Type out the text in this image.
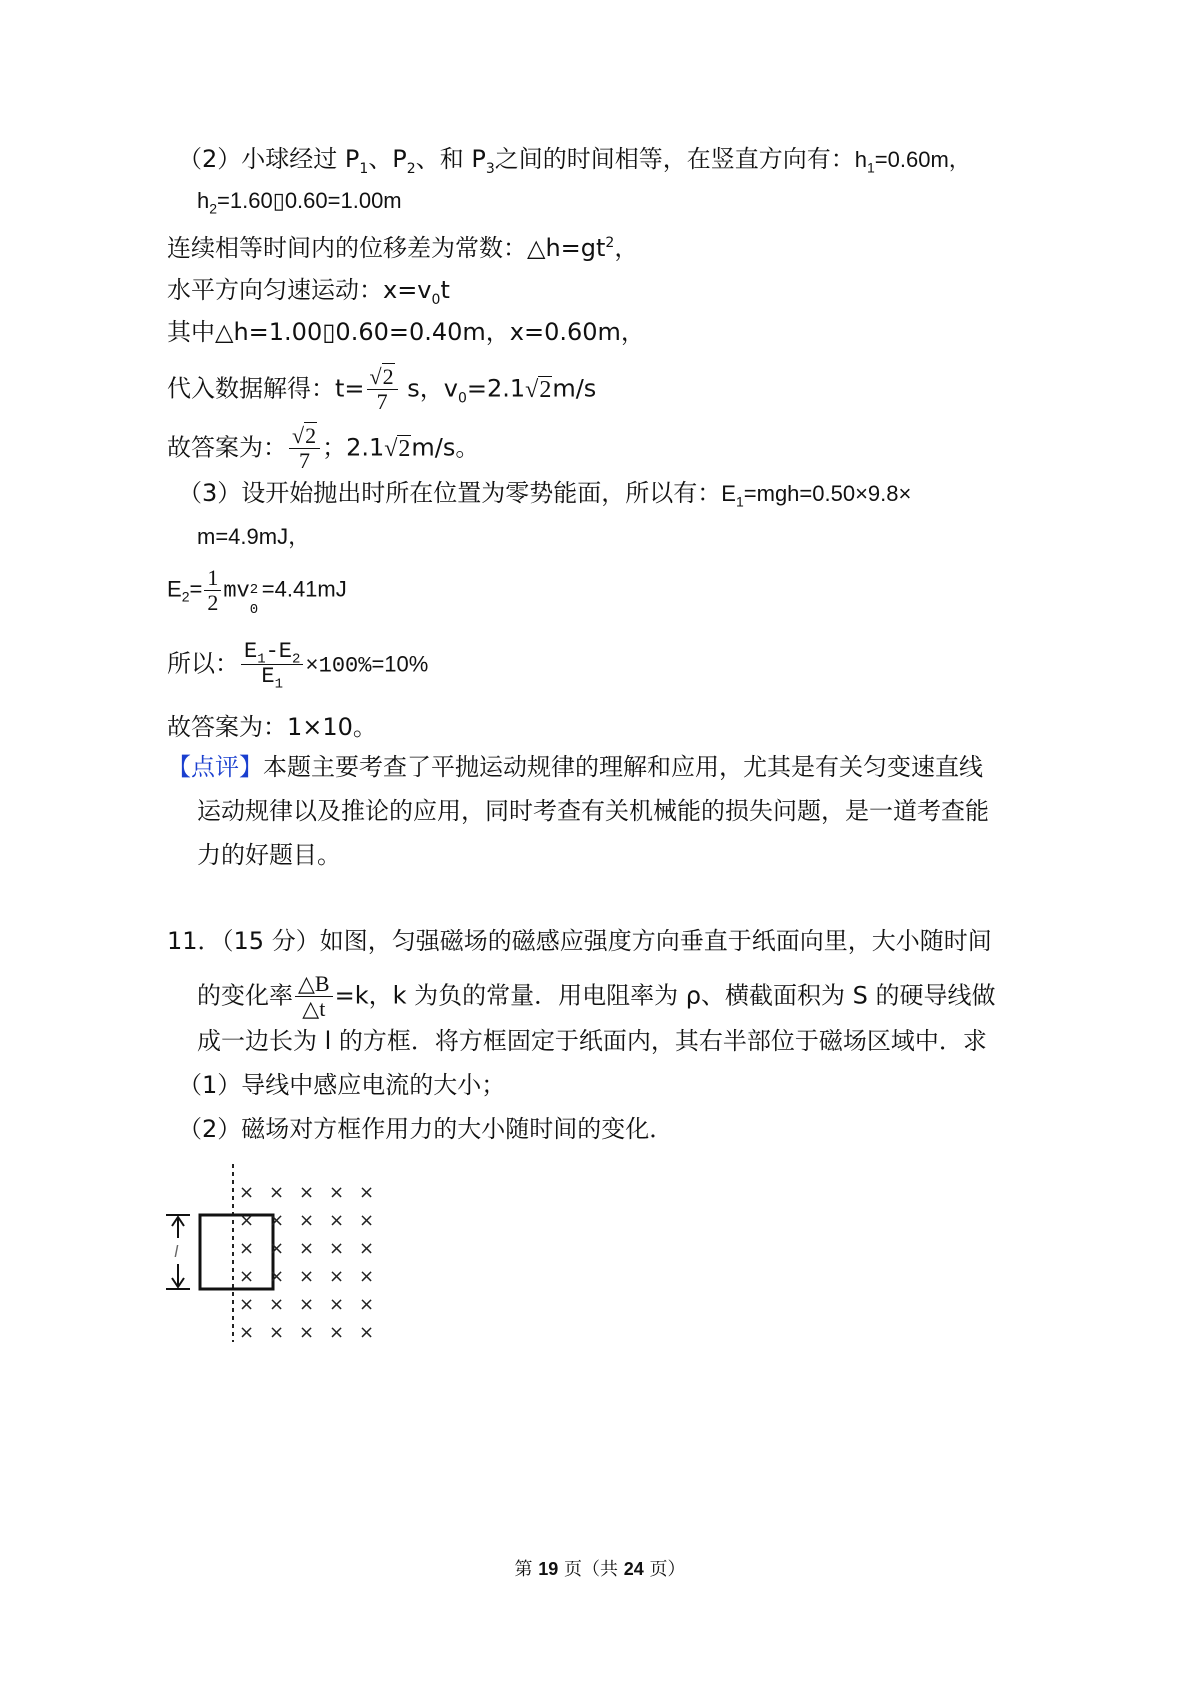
（2）小球经过 $P_1$、$P_2$、和 $P_3$之间的时间相等，在竖直方向有：$h_1=0.60m$，
$h_2=1.60▯0.60=1.00m$
连续相等时间内的位移差为常数：$\triangle h=gt^2$，
水平方向匀速运动：$x=v_0t$
其中△h=1.00▯0.60=0.40m，x=0.60m，
代入数据解得：$t= \frac{√2}{7}$ s，$v_0=2.1√2m/s$
故答案为： $\frac{√2}{7}$ ；2.1√2m/s。
（3）设开始抛出时所在位置为零势能面，所以有：$E_1=mgh=0.50\times 9.8\times$
m=4.9mJ，
$E_2= \frac{1}{2}$ mv 2
0
=4.41mJ
所以： $\frac{E_1-E_2}{E_1} \times 100\%=10\%$
故答案为：1×10。
【点评】本题主要考查了平抛运动规律的理解和应用，尤其是有关匀变速直线
运动规律以及推论的应用，同时考查有关机械能的损失问题，是一道考查能
力的好题目。
11．（15 分）如图，匀强磁场的磁感应强度方向垂直于纸面向里，大小随时间
的变化率 $\frac{\triangle B}{\triangle t} =k$，k 为负的常量．用电阻率为 ρ、横截面积为 S 的硬导线做
成一边长为 l 的方框．将方框固定于纸面内，其右半部位于磁场区域中．求
（1）导线中感应电流的大小；
（2）磁场对方框作用力的大小随时间的变化．
l
× × × × ×
× × × × ×
× × × × ×
× × × × ×
× × × × ×
× × × × ×
第 19 页（共 24 页）
